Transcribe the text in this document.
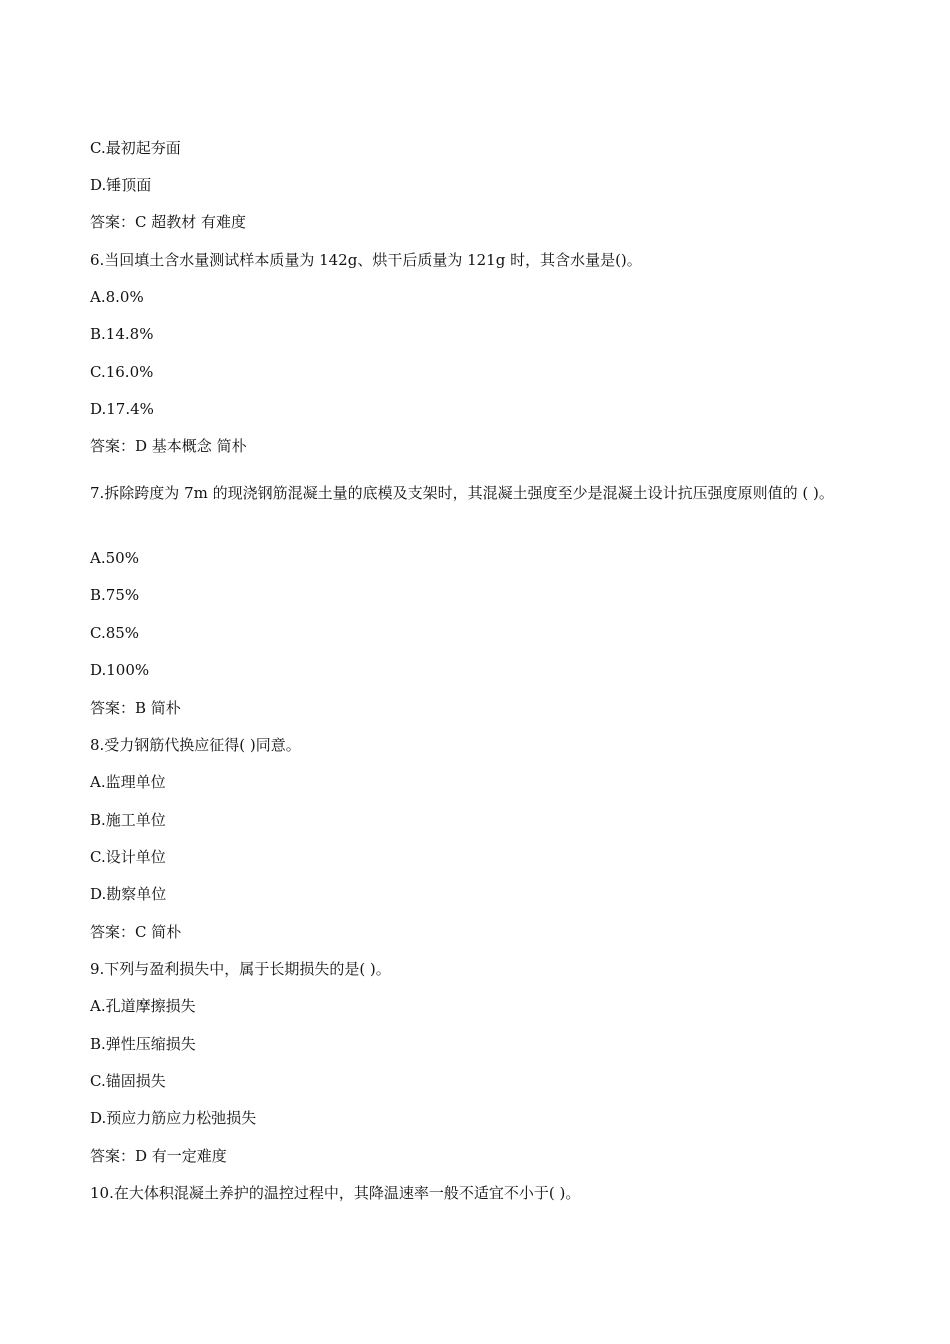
C.最初起夯面
D.锤顶面
答案：C 超教材 有难度
6.当回填土含水量测试样本质量为 142g、烘干后质量为 121g 时，其含水量是()。
A.8.0%
B.14.8%
C.16.0%
D.17.4%
答案：D 基本概念 简朴
7.拆除跨度为 7m 的现浇钢筋混凝土量的底模及支架时，其混凝土强度至少是混凝土设计抗压强度原则值的 ( )。
A.50%
B.75%
C.85%
D.100%
答案：B 简朴
8.受力钢筋代换应征得( )同意。
A.监理单位
B.施工单位
C.设计单位
D.勘察单位
答案：C 简朴
9.下列与盈利损失中，属于长期损失的是( )。
A.孔道摩擦损失
B.弹性压缩损失
C.锚固损失
D.预应力筋应力松弛损失
答案：D 有一定难度
10.在大体积混凝土养护的温控过程中，其降温速率一般不适宜不小于( )。
